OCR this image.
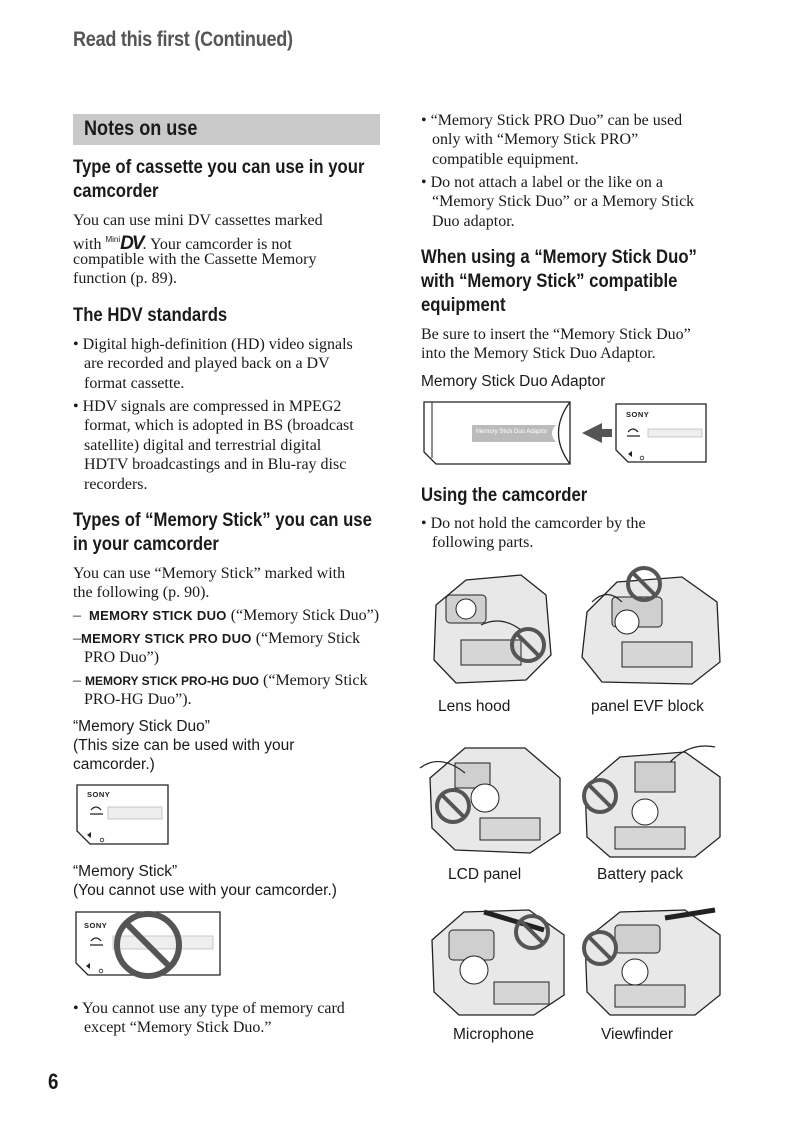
Read this first (Continued)
Notes on use
Type of cassette you can use in your
camcorder
You can use mini DV cassettes marked
with $^{Mini}$DV. Your camcorder is not
compatible with the Cassette Memory
function (p. 89).
The HDV standards
• Digital high-definition (HD) video signals
are recorded and played back on a DV
format cassette.
• HDV signals are compressed in MPEG2
format, which is adopted in BS (broadcast
satellite) digital and terrestrial digital
HDTV broadcastings and in Blu-ray disc
recorders.
Types of “Memory Stick” you can use
in your camcorder
You can use “Memory Stick” marked with
the following (p. 90).
– MEMORY STICK DUO (“Memory Stick Duo”)
–MEMORY STICK PRO DUO (“Memory Stick
PRO Duo”)
– MEMORY STICK PRO-HG DUO (“Memory Stick
PRO-HG Duo”).
“Memory Stick Duo”
(This size can be used with your
camcorder.)
SONY
“Memory Stick”
(You cannot use with your camcorder.)
SONY
• You cannot use any type of memory card
except “Memory Stick Duo.”
• “Memory Stick PRO Duo” can be used
only with “Memory Stick PRO”
compatible equipment.
• Do not attach a label or the like on a
“Memory Stick Duo” or a Memory Stick
Duo adaptor.
When using a “Memory Stick Duo”
with “Memory Stick” compatible
equipment
Be sure to insert the “Memory Stick Duo”
into the Memory Stick Duo Adaptor.
Memory Stick Duo Adaptor
Memory Stick Duo Adaptor
SONY
Using the camcorder
• Do not hold the camcorder by the
following parts.
Lens hood	panel EVF block
LCD panel	Battery pack
Microphone	Viewfinder
6
